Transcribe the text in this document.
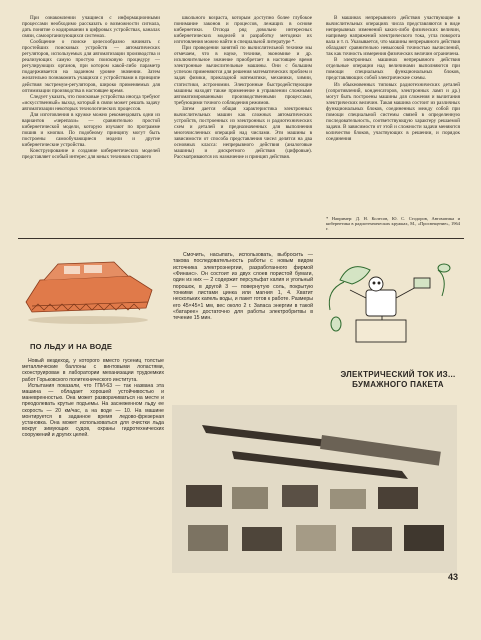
При ознакомлении учащиеся с информационными процессами необходимо рассказать о возможности сигнала, дать понятие о кодировании в цифровых устройствах, каналах связи, самоорганизующихся системах.

Сообщение о поиске целесообразно начинать с простейших поисковых устройств — автоматических регуляторов, используемых для автоматизации производства и реализующих самую простую поисковую процедуру — регулирующих органов, при котором какой-либо параметр поддерживается на заданном уровне значении. Затем желательно познакомить учащихся с устройствами в принципе действия экстремум-регуляторов, широко применяемых для оптимизации производства в настоящее время.

Следует указать, что поисковые устройства иногда требуют «искусственный» выход, который в связи может решать задачу автоматизации некоторых технологических процессов.

Для изготовления в кружке можно рекомендовать одни из вариантов «черепахи» — сравнительно простой кибернетической модели, которую изучают по программе пошив и кнопки. По подобному принципу могут быть построены самообучающиеся модели и другие кибернетические устройства.

Конструирование и создание кибернетических моделей представляет особый интерес для юных техников старшего

школьного возраста, которым доступно более глубокое понимание законов и процессов, лежащих в основе кибернетики. Отсюда ряд довольно интересных кибернетических моделей и разработку методики их изготовления можно найти в специальной литературе *.

При проведении занятий по вычислительной технике мы отмечаем, что в науке, технике, экономике и др. исключительное значение приобретает в настоящее время электронные вычислительные машины. Они с большим успехом применяются для решения математических проблем и задач физики, прикладной математики, механики, химии, статистики, астрономии. Электронные быстродействующие машины находят также применение в управлении сложными автоматизированными производственными процессами, требующими точного соблюдения режимов.

Затем дается общая характеристика электронных вычислительных машин как сложных автоматических устройств, построенных из электронных и радиотехнических схем и деталей и предназначенных для выполнения многочисленных операций над числами. Эти машины в зависимости от способа представления чисел делятся на два основных класса: непрерывного действия (аналоговые машины) и дискретного действия (цифровые). Рассматриваются их назначение и принцип действия.

В машинах непрерывного действия участвующие в вычислительных операциях числа представляются в виде непрерывных изменений каких-либо физических величин, например напряжений электрического тока, угла поворота вала и т. п. Указывается, что машины непрерывного действия обладают сравнительно невысокой точностью вычислений, так как точность измерения физических величин ограничена.

В электронных машинах непрерывного действия отдельные операции над величинами выполняются при помощи специальных функциональных блоков, представляющих собой электрические схемы.

Из обыкновенных типовых радиотехнических деталей (сопротивлений, конденсаторов, электронных ламп и др.) могут быть построены машины для сложения и вычитания электрических величин. Такая машина состоит из различных функциональных блоков, соединенных между собой при помощи специальной системы связей в определенную последовательность, соответствующую характеру решаемой задачи. В зависимости от этой и сложности задачи меняются количество блоков, участвующих в решении, и порядок соединения

* Например: Д. Н. Колесов, Ю. С. Стодоров, Автоматика и кибернетика в радиотехнических кружках, М., «Просвещение», 1964 г.
ПО ЛЬДУ И НА ВОДЕ

Новый вездеход, у которого вместо гусениц толстые металлические баллоны с винтовыми лопастями, сконструирован в лаборатории механизации трудоемких работ Горьковского политехнического института.

Испытания показали, что ГПИ-63 — так названа эта машина — обладает хорошей устойчивостью и маневренностью. Она может разворачиваться на месте и преодолевать крутые подъемы. На заснеженном льду ее скорость — 20 км/час, а на воде — 10. На машине монтируется в заданное время ледово-фрезерная установка. Она может использоваться для очистки льда вокруг зимующих судов, охраны гидротехнических сооружений и других целей.

Смочить, насыпать, использовать, выбросить — такова последовательность работы с новым видом источника электроэнергии, разработанного фирмой «Финанс». Он состоит из двух слоев пористой бумаги, один из них — 2 содержит персульфат калия и угольный порошок, в другой 3 — повернутую соль, покрытую тонкими листами цинка или магния 1, 4. Хватит нескольких капель воды, и пакет готов к работе. Размеры его 45×45×1 мм, вес около 2 г. Запаса энергии в такой «батарее» достаточно для работы электробритвы в течение 15 мин.

ЭЛЕКТРИЧЕСКИЙ ТОК ИЗ... БУМАЖНОГО ПАКЕТА
43
